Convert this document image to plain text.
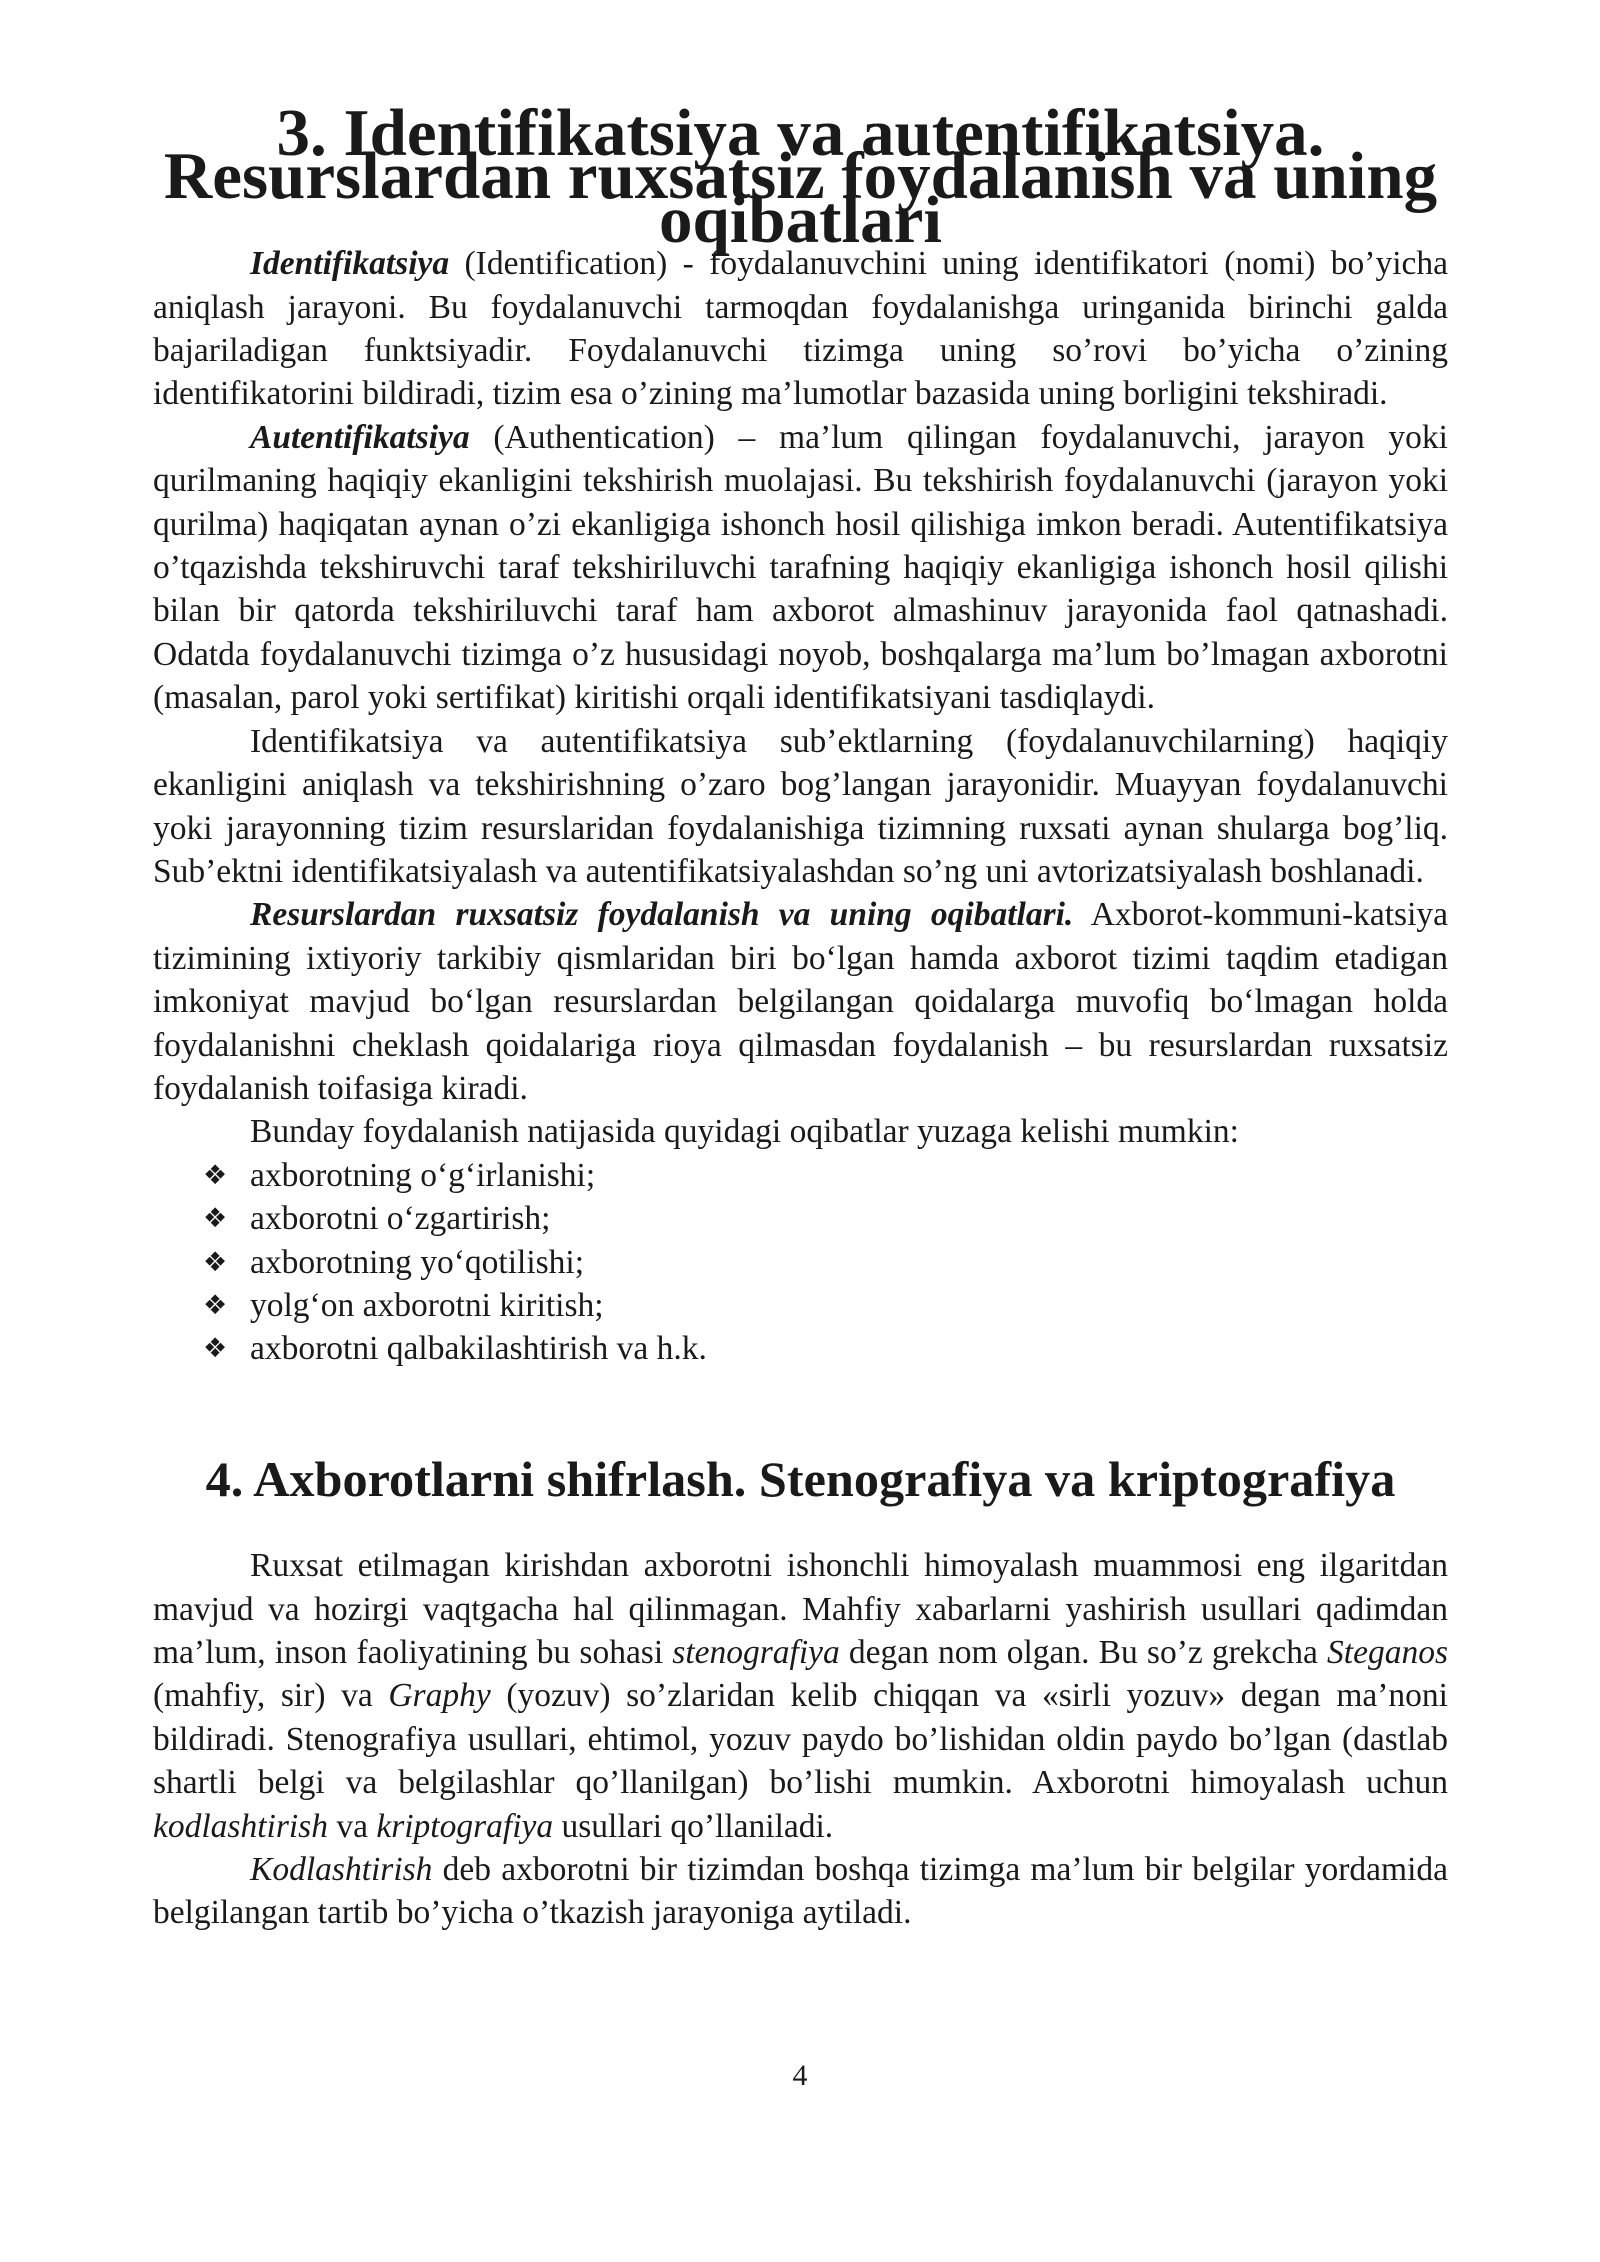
3. Identifikatsiya va autentifikatsiya. Resurslardan ruxsatsiz foydalanish va uning oqibatlari

Identifikatsiya (Identification) - foydalanuvchini uning identifikatori (nomi) bo’yicha aniqlash jarayoni. Bu foydalanuvchi tarmoqdan foydalanishga uringanida birinchi galda bajariladigan funktsiyadir. Foydalanuvchi tizimga uning so’rovi bo’yicha o’zining identifikatorini bildiradi, tizim esa o’zining ma’lumotlar bazasida uning borligini tekshiradi.

Autentifikatsiya (Authentication) – ma’lum qilingan foydalanuvchi, jarayon yoki qurilmaning haqiqiy ekanligini tekshirish muolajasi. Bu tekshirish foydalanuvchi (jarayon yoki qurilma) haqiqatan aynan o’zi ekanligiga ishonch hosil qilishiga imkon beradi. Autentifikatsiya o’tqazishda tekshiruvchi taraf tekshiriluvchi tarafning haqiqiy ekanligiga ishonch hosil qilishi bilan bir qatorda tekshiriluvchi taraf ham axborot almashinuv jarayonida faol qatnashadi. Odatda foydalanuvchi tizimga o’z hususidagi noyob, boshqalarga ma’lum bo’lmagan axborotni (masalan, parol yoki sertifikat) kiritishi orqali identifikatsiyani tasdiqlaydi.

Identifikatsiya va autentifikatsiya sub’ektlarning (foydalanuvchilarning) haqiqiy ekanligini aniqlash va tekshirishning o’zaro bog’langan jarayonidir. Muayyan foydalanuvchi yoki jarayonning tizim resurslaridan foydalanishiga tizimning ruxsati aynan shularga bog’liq. Sub’ektni identifikatsiyalash va autentifikatsiyalashdan so’ng uni avtorizatsiyalash boshlanadi.

Resurslardan ruxsatsiz foydalanish va uning oqibatlari. Axborot-kommuni-katsiya tizimining ixtiyoriy tarkibiy qismlaridan biri bo‘lgan hamda axborot tizimi taqdim etadigan imkoniyat mavjud bo‘lgan resurslardan belgilangan qoidalarga muvofiq bo‘lmagan holda foydalanishni cheklash qoidalariga rioya qilmasdan foydalanish – bu resurslardan ruxsatsiz foydalanish toifasiga kiradi.

Bunday foydalanish natijasida quyidagi oqibatlar yuzaga kelishi mumkin:

❖ axborotning o‘g‘irlanishi;
❖ axborotni o‘zgartirish;
❖ axborotning yo‘qotilishi;
❖ yolg‘on axborotni kiritish;
❖ axborotni qalbakilashtirish va h.k.
4. Axborotlarni shifrlash. Stenografiya va kriptografiya

Ruxsat etilmagan kirishdan axborotni ishonchli himoyalash muammosi eng ilgaritdan mavjud va hozirgi vaqtgacha hal qilinmagan. Mahfiy xabarlarni yashirish usullari qadimdan ma’lum, inson faoliyatining bu sohasi stenografiya degan nom olgan. Bu so’z grekcha Steganos (mahfiy, sir) va Graphy (yozuv) so’zlaridan kelib chiqqan va «sirli yozuv» degan ma’noni bildiradi. Stenografiya usullari, ehtimol, yozuv paydo bo’lishidan oldin paydo bo’lgan (dastlab shartli belgi va belgilashlar qo’llanilgan) bo’lishi mumkin. Axborotni himoyalash uchun kodlashtirish va kriptografiya usullari qo’llaniladi.

Kodlashtirish deb axborotni bir tizimdan boshqa tizimga ma’lum bir belgilar yordamida belgilangan tartib bo’yicha o’tkazish jarayoniga aytiladi.

4
